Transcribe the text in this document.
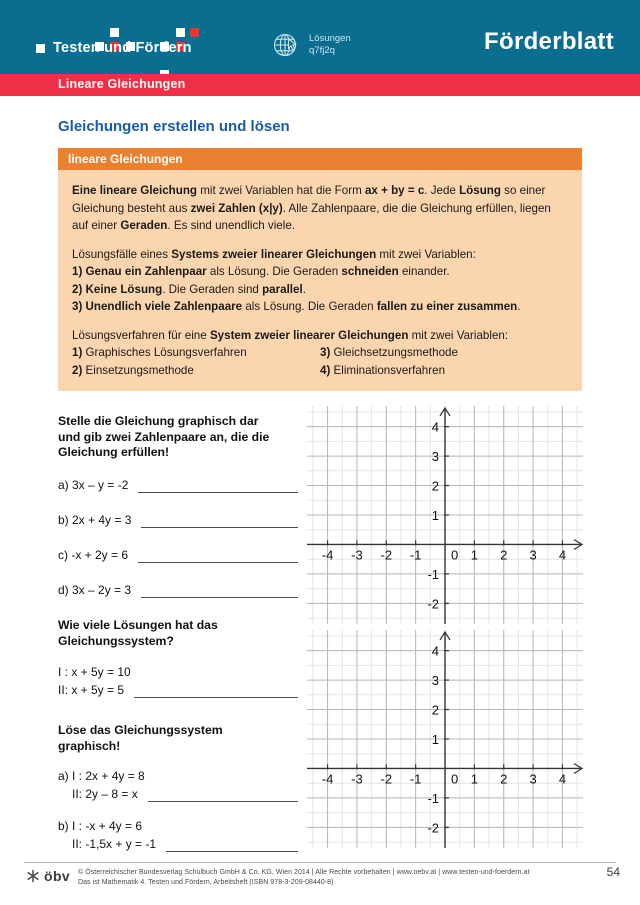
Testen und Fördern
Lösungen
q7fj2q	Förderblatt
Lineare Gleichungen
Gleichungen erstellen und lösen
lineare Gleichungen

Eine lineare Gleichung mit zwei Variablen hat die Form ax + by = c. Jede Lösung so einer Gleichung besteht aus zwei Zahlen (x|y). Alle Zahlenpaare, die die Gleichung erfüllen, liegen auf einer Geraden. Es sind unendlich viele.

Lösungsfälle eines Systems zweier linearer Gleichungen mit zwei Variablen:

1) Genau ein Zahlenpaar als Lösung. Die Geraden schneiden einander.

2) Keine Lösung. Die Geraden sind parallel.

3) Unendlich viele Zahlenpaare als Lösung. Die Geraden fallen zu einer zusammen.

Lösungsverfahren für eine System zweier linearer Gleichungen mit zwei Variablen:

1) Graphisches Lösungsverfahren
2) Einsetzungsmethode
3) Gleichsetzungsmethode
4) Eliminationsverfahren
Stelle die Gleichung graphisch dar
und gib zwei Zahlenpaare an, die die
Gleichung erfüllen!
a) 3x – y = -2
b) 2x + 4y = 3
c) -x + 2y = 6
d) 3x – 2y = 3
Wie viele Lösungen hat das
Gleichungssystem?
I : x + 5y = 10
II: x + 5y = 5
Löse das Gleichungssystem
graphisch!
a) I : 2x + 4y = 8
II: 2y – 8 = x
b) I : -x + 4y = 6
II: -1,5x + y = -1
-4 -3 -2 -1 0 1 2 3 4
-2
-1
1
2
3
4
-4 -3 -2 -1 0 1 2 3 4
-2
-1
1
2
3
4
öbv © Österreichischer Bundesverlag Schulbuch GmbH & Co. KG, Wien 2014 | Alle Rechte vorbehalten | www.oebv.at | www.testen-und-foerdern.at
Das ist Mathematik 4. Testen und Fördern, Arbeitsheft (ISBN 978-3-209-08440-8)
54
